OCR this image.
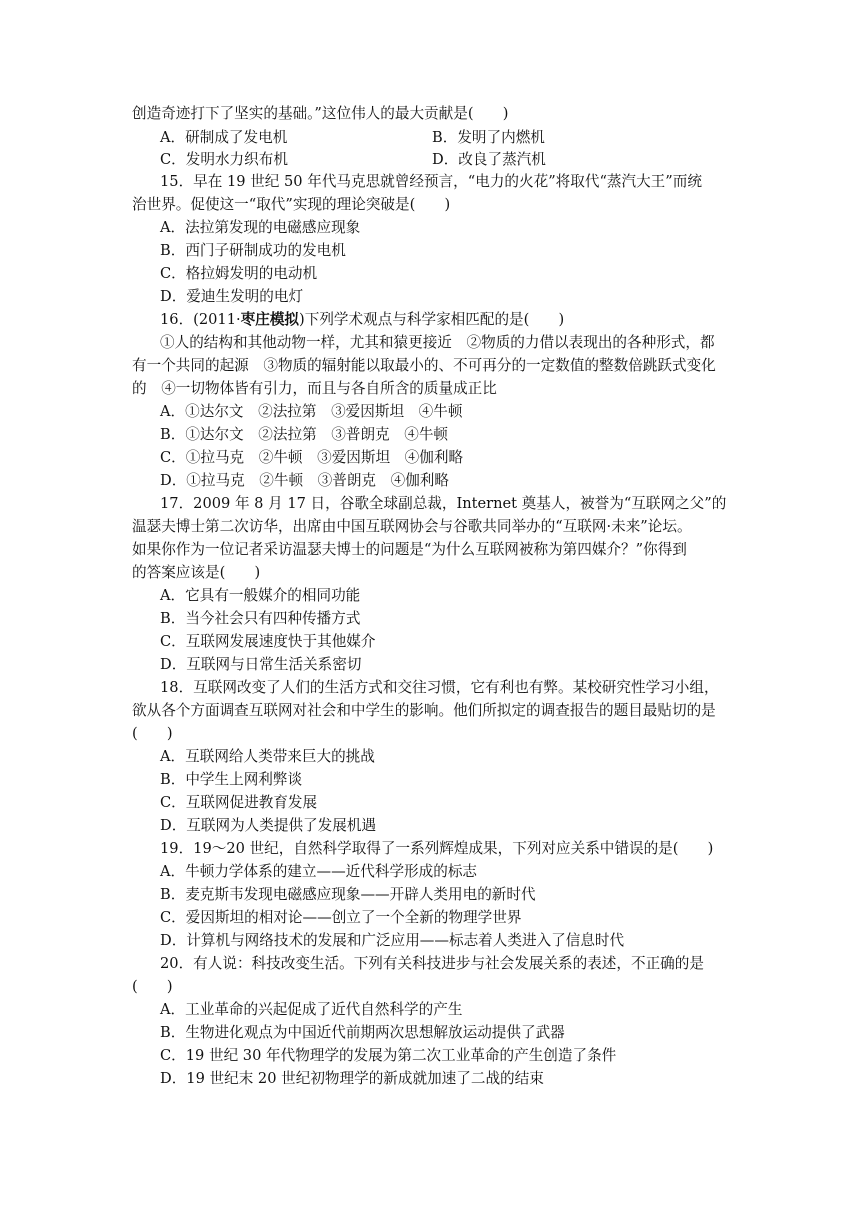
创造奇迹打下了坚实的基础。”这位伟人的最大贡献是(　　)
A．研制成了发电机	B．发明了内燃机
C．发明水力织布机	D．改良了蒸汽机
15．早在 19 世纪 50 年代马克思就曾经预言，“电力的火花”将取代“蒸汽大王”而统
治世界。促使这一“取代”实现的理论突破是(　　)
A．法拉第发现的电磁感应现象
B．西门子研制成功的发电机
C．格拉姆发明的电动机
D．爱迪生发明的电灯
16．(2011·枣庄模拟)下列学术观点与科学家相匹配的是(　　)
①人的结构和其他动物一样，尤其和猿更接近　②物质的力借以表现出的各种形式，都
有一个共同的起源　③物质的辐射能以取最小的、不可再分的一定数值的整数倍跳跃式变化
的　④一切物体皆有引力，而且与各自所含的质量成正比
A．①达尔文　②法拉第　③爱因斯坦　④牛顿
B．①达尔文　②法拉第　③普朗克　④牛顿
C．①拉马克　②牛顿　③爱因斯坦　④伽利略
D．①拉马克　②牛顿　③普朗克　④伽利略
17．2009 年 8 月 17 日，谷歌全球副总裁，Internet 奠基人，被誉为“互联网之父”的
温瑟夫博士第二次访华，出席由中国互联网协会与谷歌共同举办的“互联网·未来”论坛。
如果你作为一位记者采访温瑟夫博士的问题是“为什么互联网被称为第四媒介？”你得到
的答案应该是(　　)
A．它具有一般媒介的相同功能
B．当今社会只有四种传播方式
C．互联网发展速度快于其他媒介
D．互联网与日常生活关系密切
18．互联网改变了人们的生活方式和交往习惯，它有利也有弊。某校研究性学习小组，
欲从各个方面调查互联网对社会和中学生的影响。他们所拟定的调查报告的题目最贴切的是
(　　)
A．互联网给人类带来巨大的挑战
B．中学生上网利弊谈
C．互联网促进教育发展
D．互联网为人类提供了发展机遇
19．19～20 世纪，自然科学取得了一系列辉煌成果，下列对应关系中错误的是(　　)
A．牛顿力学体系的建立——近代科学形成的标志
B．麦克斯韦发现电磁感应现象——开辟人类用电的新时代
C．爱因斯坦的相对论——创立了一个全新的物理学世界
D．计算机与网络技术的发展和广泛应用——标志着人类进入了信息时代
20．有人说：科技改变生活。下列有关科技进步与社会发展关系的表述，不正确的是
(　　)
A．工业革命的兴起促成了近代自然科学的产生
B．生物进化观点为中国近代前期两次思想解放运动提供了武器
C．19 世纪 30 年代物理学的发展为第二次工业革命的产生创造了条件
D．19 世纪末 20 世纪初物理学的新成就加速了二战的结束
